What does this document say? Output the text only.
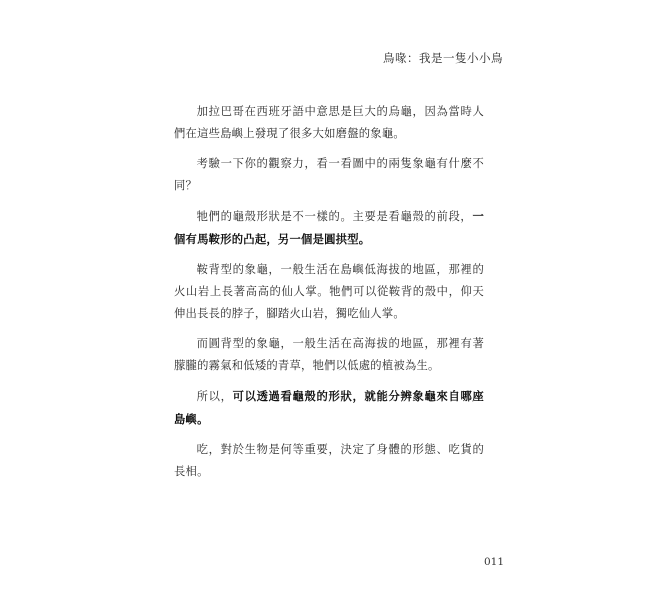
鳥喙：我是一隻小小鳥

加拉巴哥在西班牙語中意思是巨大的烏龜，因為當時人們在這些島嶼上發現了很多大如磨盤的象龜。

考驗一下你的觀察力，看一看圖中的兩隻象龜有什麼不同？

牠們的龜殼形狀是不一樣的。主要是看龜殼的前段，一個有馬鞍形的凸起，另一個是圓拱型。

鞍背型的象龜，一般生活在島嶼低海拔的地區，那裡的火山岩上長著高高的仙人掌。牠們可以從鞍背的殼中，仰天伸出長長的脖子，腳踏火山岩，獨吃仙人掌。

而圓背型的象龜，一般生活在高海拔的地區，那裡有著朦朧的霧氣和低矮的青草，牠們以低處的植被為生。

所以，可以透過看龜殼的形狀，就能分辨象龜來自哪座島嶼。

吃，對於生物是何等重要，決定了身體的形態、吃貨的長相。

011
